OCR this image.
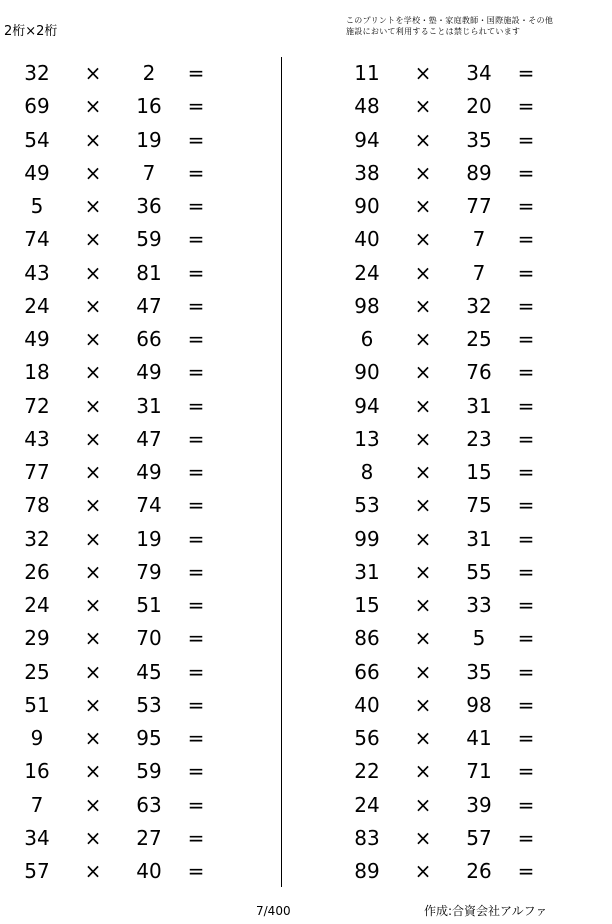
2桁×2桁
このプリントを学校・塾・家庭教師・国際施設・その他
施設において利用することは禁じられています
32	×	2	=
69	×	16	=
54	×	19	=
49	×	7	=
5	×	36	=
74	×	59	=
43	×	81	=
24	×	47	=
49	×	66	=
18	×	49	=
72	×	31	=
43	×	47	=
77	×	49	=
78	×	74	=
32	×	19	=
26	×	79	=
24	×	51	=
29	×	70	=
25	×	45	=
51	×	53	=
9	×	95	=
16	×	59	=
7	×	63	=
34	×	27	=
57	×	40	=
11	×	34	=
48	×	20	=
94	×	35	=
38	×	89	=
90	×	77	=
40	×	7	=
24	×	7	=
98	×	32	=
6	×	25	=
90	×	76	=
94	×	31	=
13	×	23	=
8	×	15	=
53	×	75	=
99	×	31	=
31	×	55	=
15	×	33	=
86	×	5	=
66	×	35	=
40	×	98	=
56	×	41	=
22	×	71	=
24	×	39	=
83	×	57	=
89	×	26	=
7/400	作成:合資会社アルファ
